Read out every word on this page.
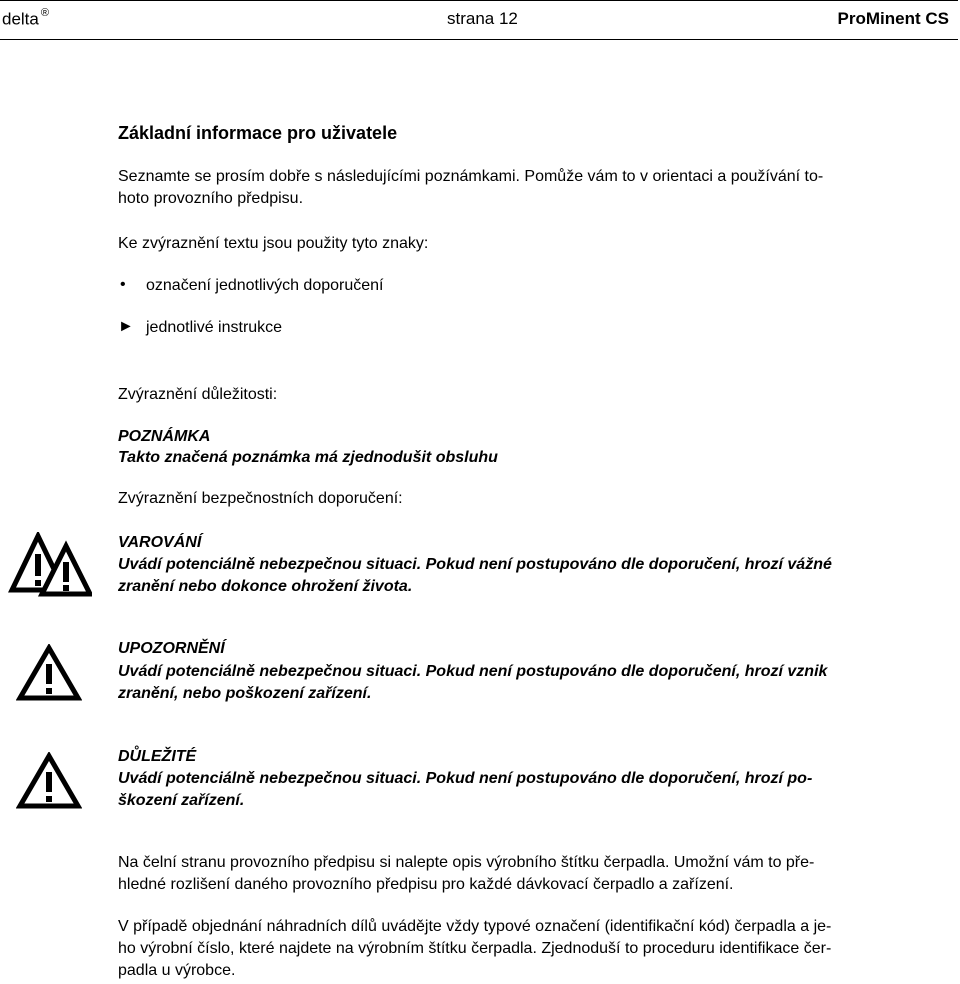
delta ®	strana 12	ProMinent CS
Základní informace pro uživatele
Seznamte se prosím dobře s následujícími poznámkami. Pomůže vám to v orientaci a používání to-
hoto provozního předpisu.
Ke zvýraznění textu jsou použity tyto znaky:
• označení jednotlivých doporučení
► jednotlivé instrukce
Zvýraznění důležitosti:
POZNÁMKA
Takto značená poznámka má zjednodušit obsluhu
Zvýraznění bezpečnostních doporučení:
VAROVÁNÍ
Uvádí potenciálně nebezpečnou situaci. Pokud není postupováno dle doporučení, hrozí vážné
zranění nebo dokonce ohrožení života.
UPOZORNĚNÍ
Uvádí potenciálně nebezpečnou situaci. Pokud není postupováno dle doporučení, hrozí vznik
zranění, nebo poškození zařízení.
DŮLEŽITÉ
Uvádí potenciálně nebezpečnou situaci. Pokud není postupováno dle doporučení, hrozí po-
škození zařízení.
Na čelní stranu provozního předpisu si nalepte opis výrobního štítku čerpadla. Umožní vám to pře-
hledné rozlišení daného provozního předpisu pro každé dávkovací čerpadlo a zařízení.
V případě objednání náhradních dílů uvádějte vždy typové označení (identifikační kód) čerpadla a je-
ho výrobní číslo, které najdete na výrobním štítku čerpadla. Zjednoduší to proceduru identifikace čer-
padla u výrobce.
